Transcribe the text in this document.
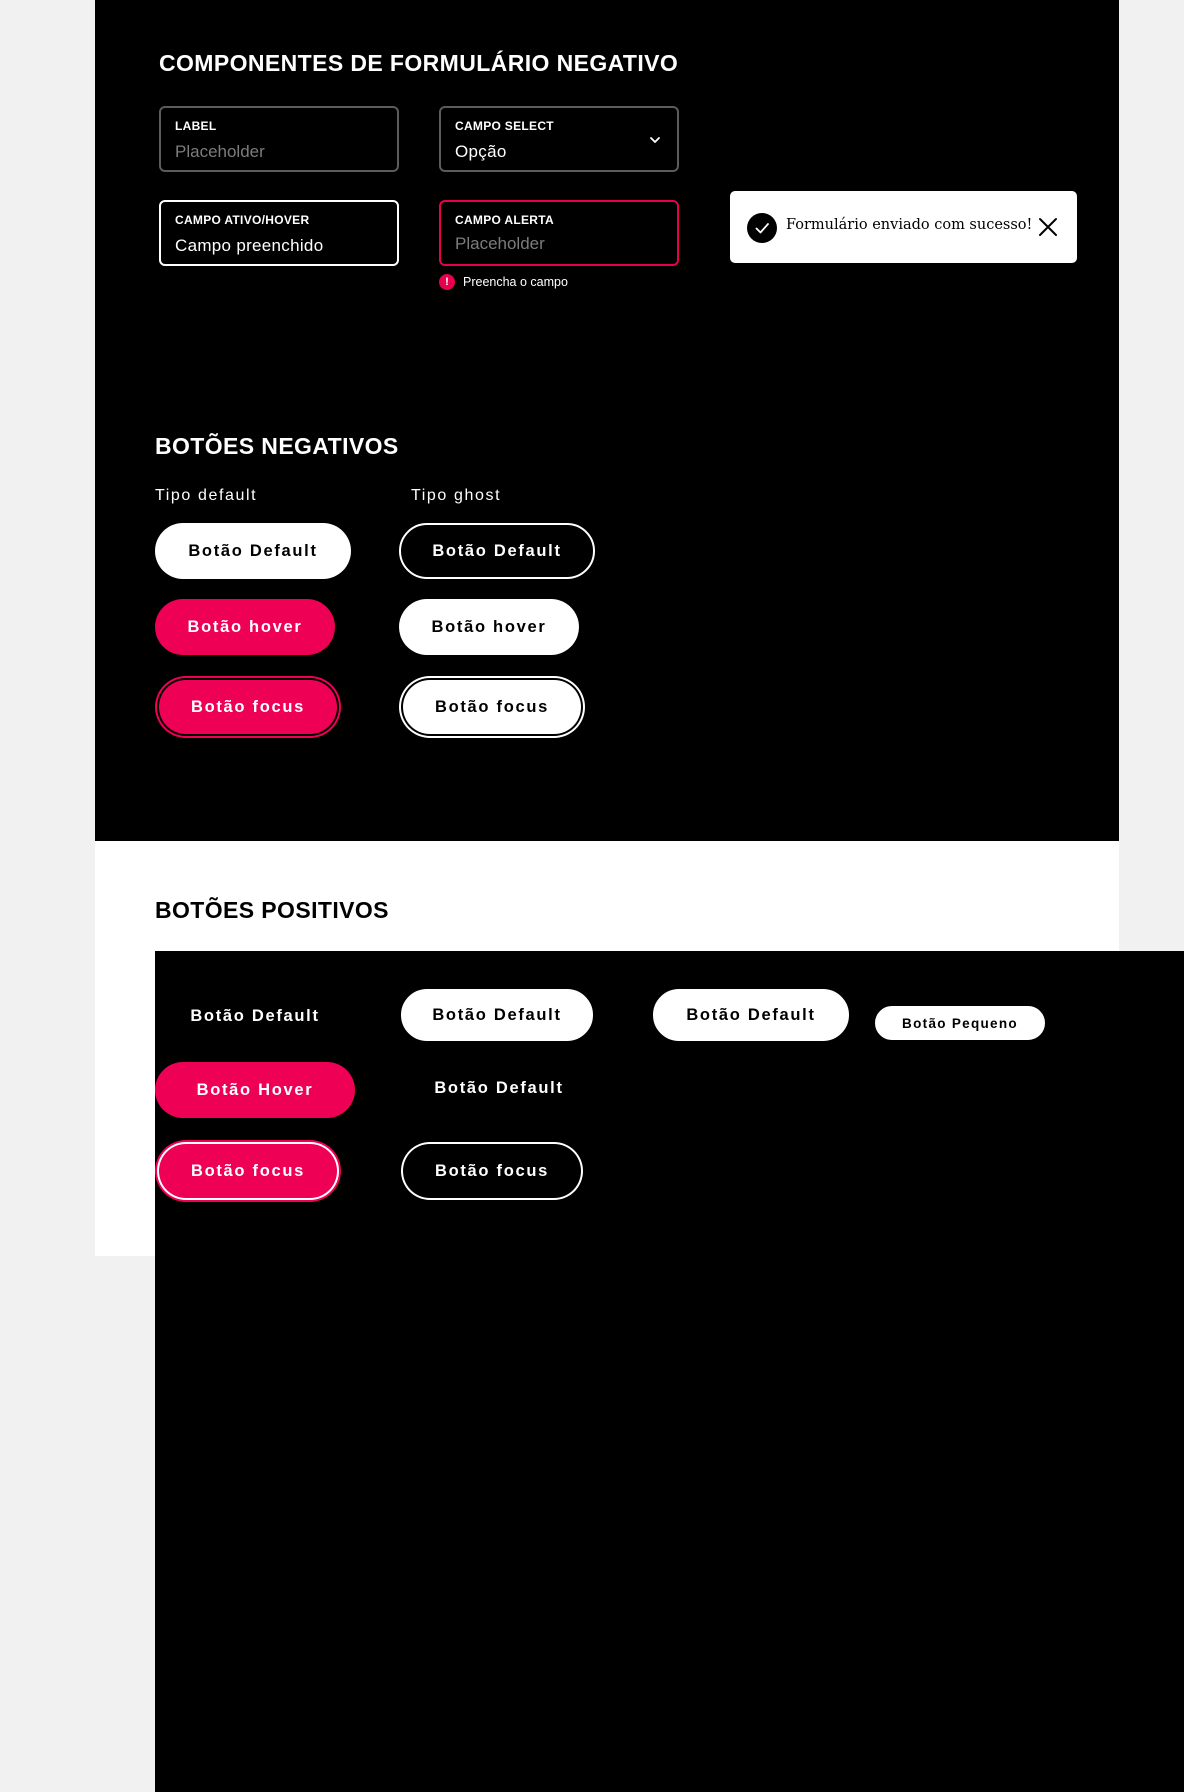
COMPONENTES DE FORMULÁRIO NEGATIVO
LABEL
Placeholder	CAMPO SELECT
Opção
CAMPO ATIVO/HOVER
Campo preenchido
CAMPO ALERTA
Placeholder
!	Preencha o campo
Formulário enviado com sucesso!
BOTÕES NEGATIVOS
Tipo default	Tipo ghost
Botão Default
Botão hover
Botão focus
Botão Default
Botão hover
Botão focus
BOTÕES POSITIVOS
Tipo default	Tipo ghost	Tamanhos
Botão Default
Botão Hover
Botão focus
Botão Default
Botão Default
Botão focus
Botão Default	Botão Pequeno
